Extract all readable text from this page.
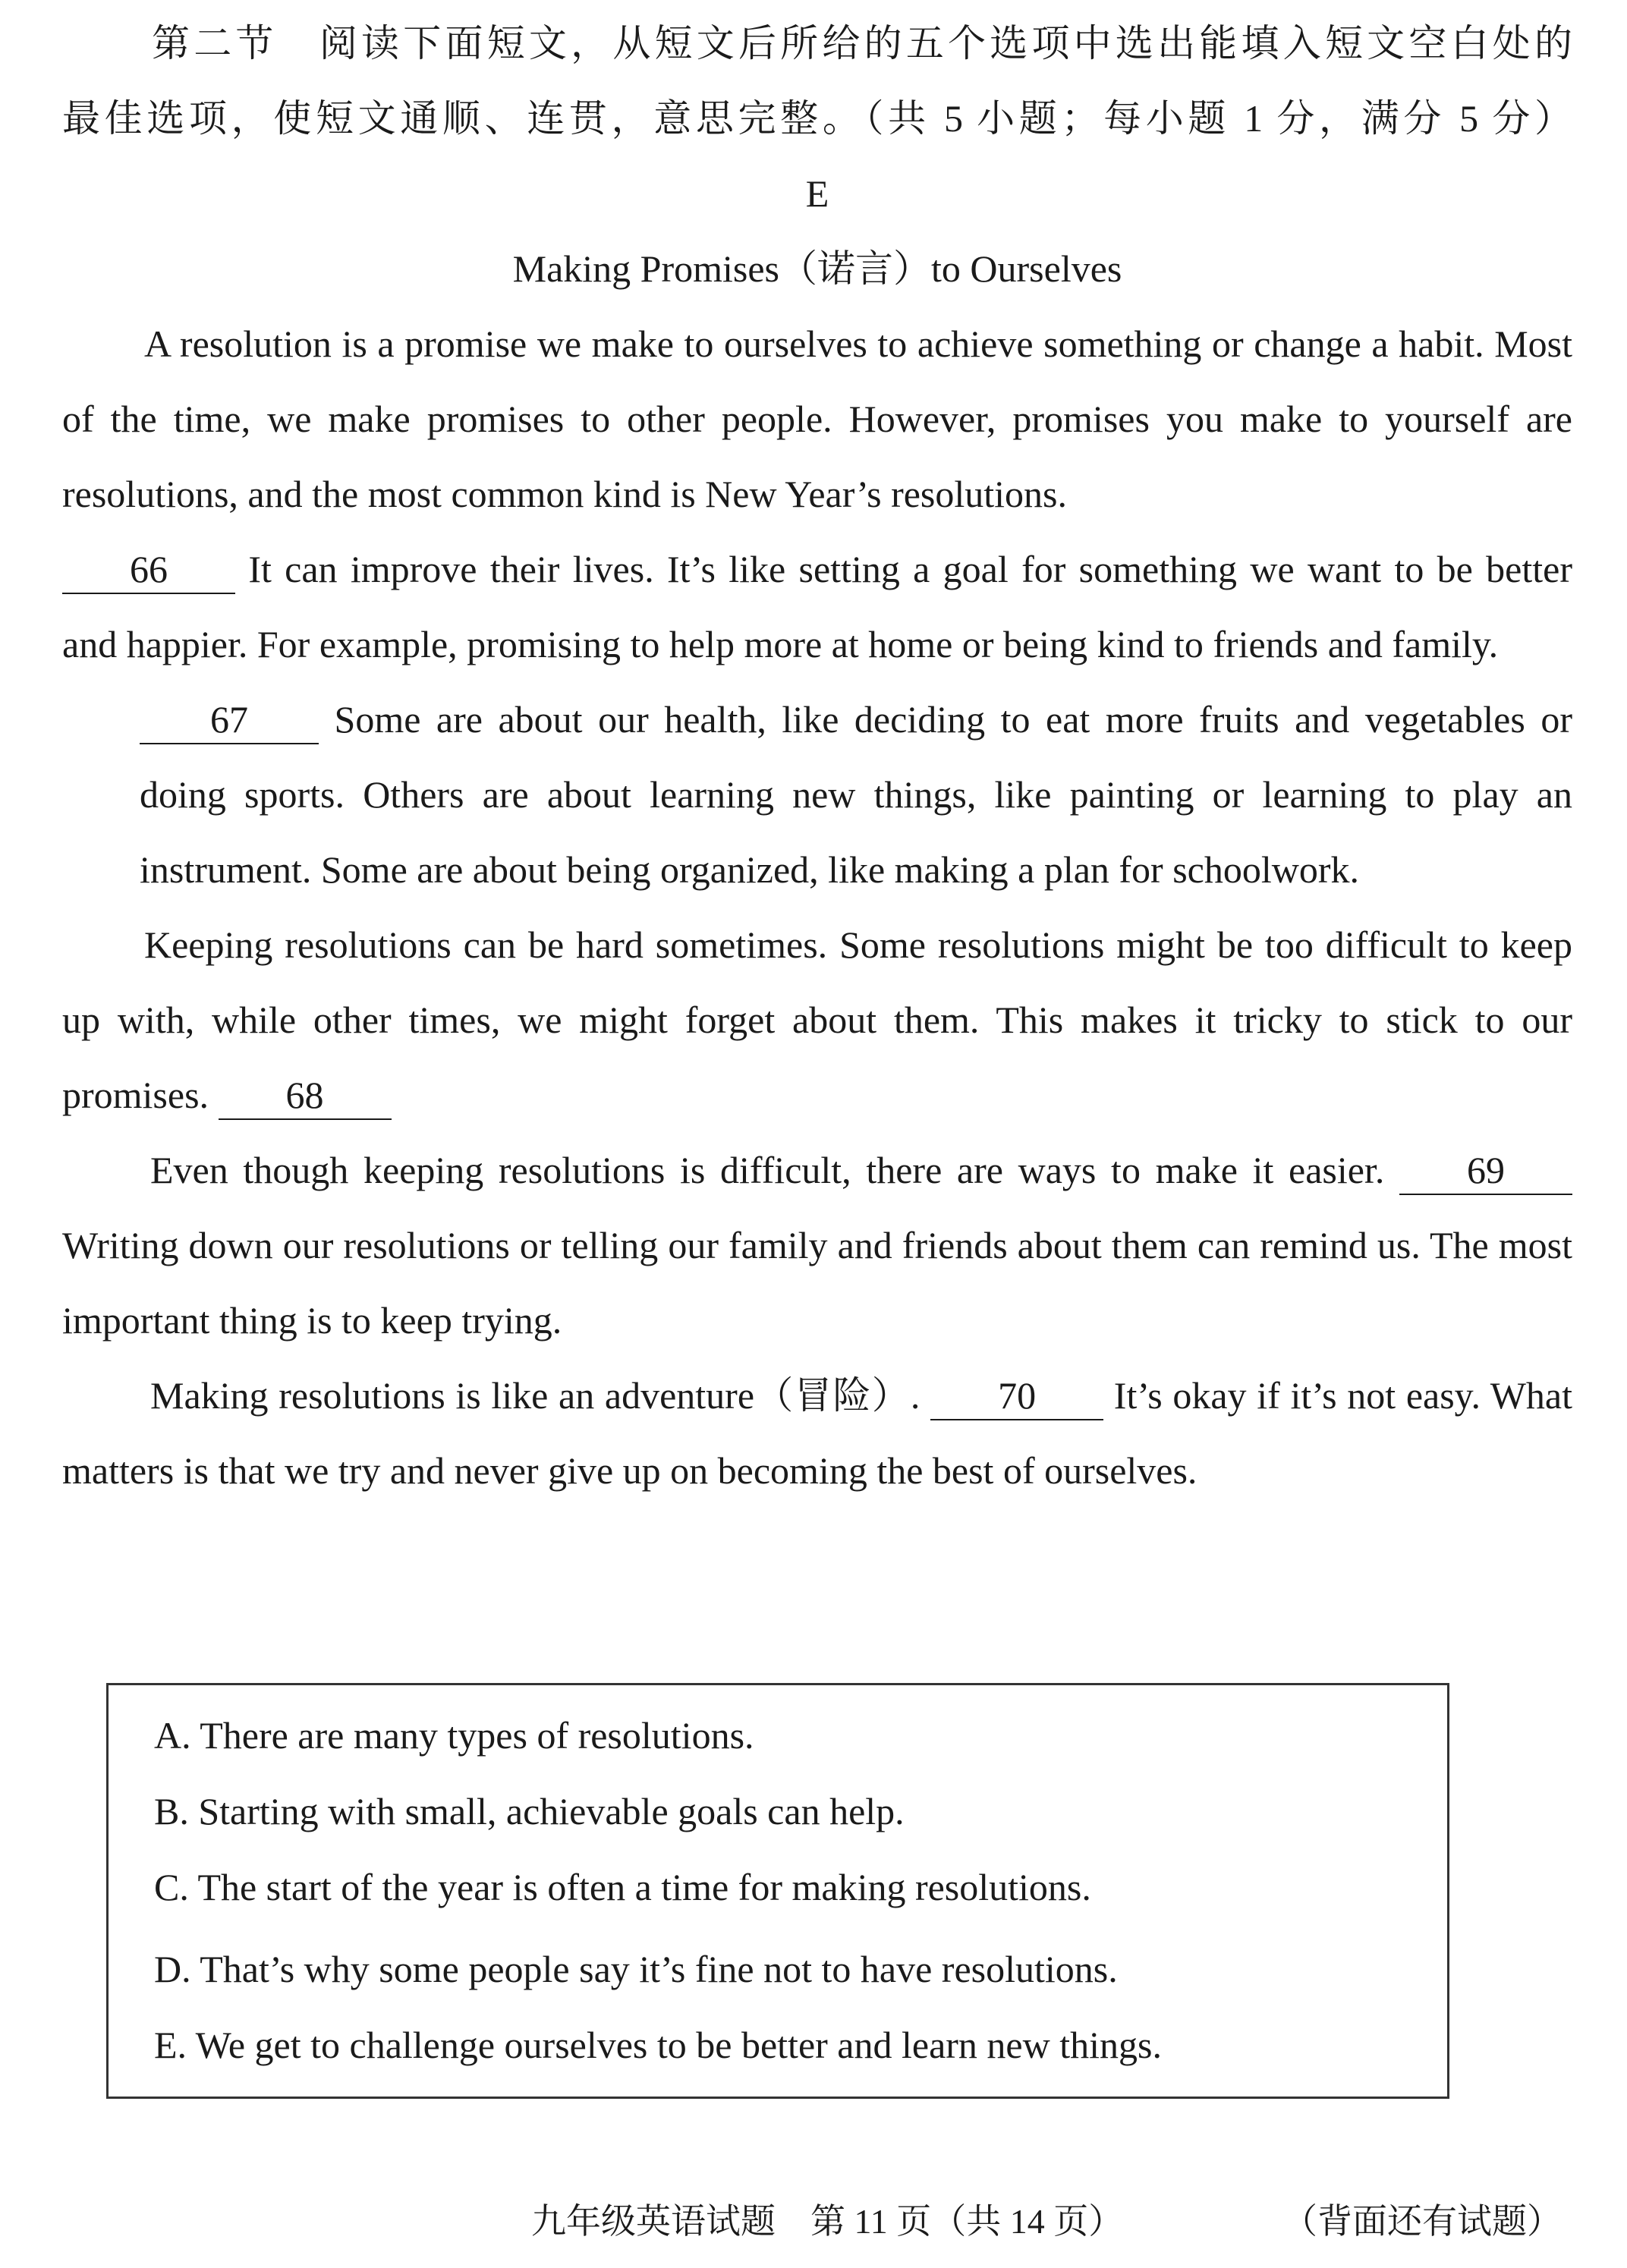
第二节　阅读下面短文，从短文后所给的五个选项中选出能填入短文空白处的

最佳选项，使短文通顺、连贯，意思完整。（共 5 小题；每小题 1 分，满分 5 分）

E

Making Promises（诺言）to Ourselves

A resolution is a promise we make to ourselves to achieve something or change a habit. Most of the time, we make promises to other people. However, promises you make to yourself are resolutions, and the most common kind is New Year’s resolutions.

66 It can improve their lives. It’s like setting a goal for something we want to be better and happier. For example, promising to help more at home or being kind to friends and family.

67 Some are about our health, like deciding to eat more fruits and vegetables or doing sports. Others are about learning new things, like painting or learning to play an instrument. Some are about being organized, like making a plan for schoolwork.

Keeping resolutions can be hard sometimes. Some resolutions might be too difficult to keep up with, while other times, we might forget about them. This makes it tricky to stick to our promises. 68

Even though keeping resolutions is difficult, there are ways to make it easier. 69 Writing down our resolutions or telling our family and friends about them can remind us. The most important thing is to keep trying.

Making resolutions is like an adventure（冒险）. 70 It’s okay if it’s not easy. What matters is that we try and never give up on becoming the best of ourselves.

A. There are many types of resolutions.

B. Starting with small, achievable goals can help.

C. The start of the year is often a time for making resolutions.

D. That’s why some people say it’s fine not to have resolutions.

E. We get to challenge ourselves to be better and learn new things.

九年级英语试题　第 11 页（共 14 页）	（背面还有试题）
